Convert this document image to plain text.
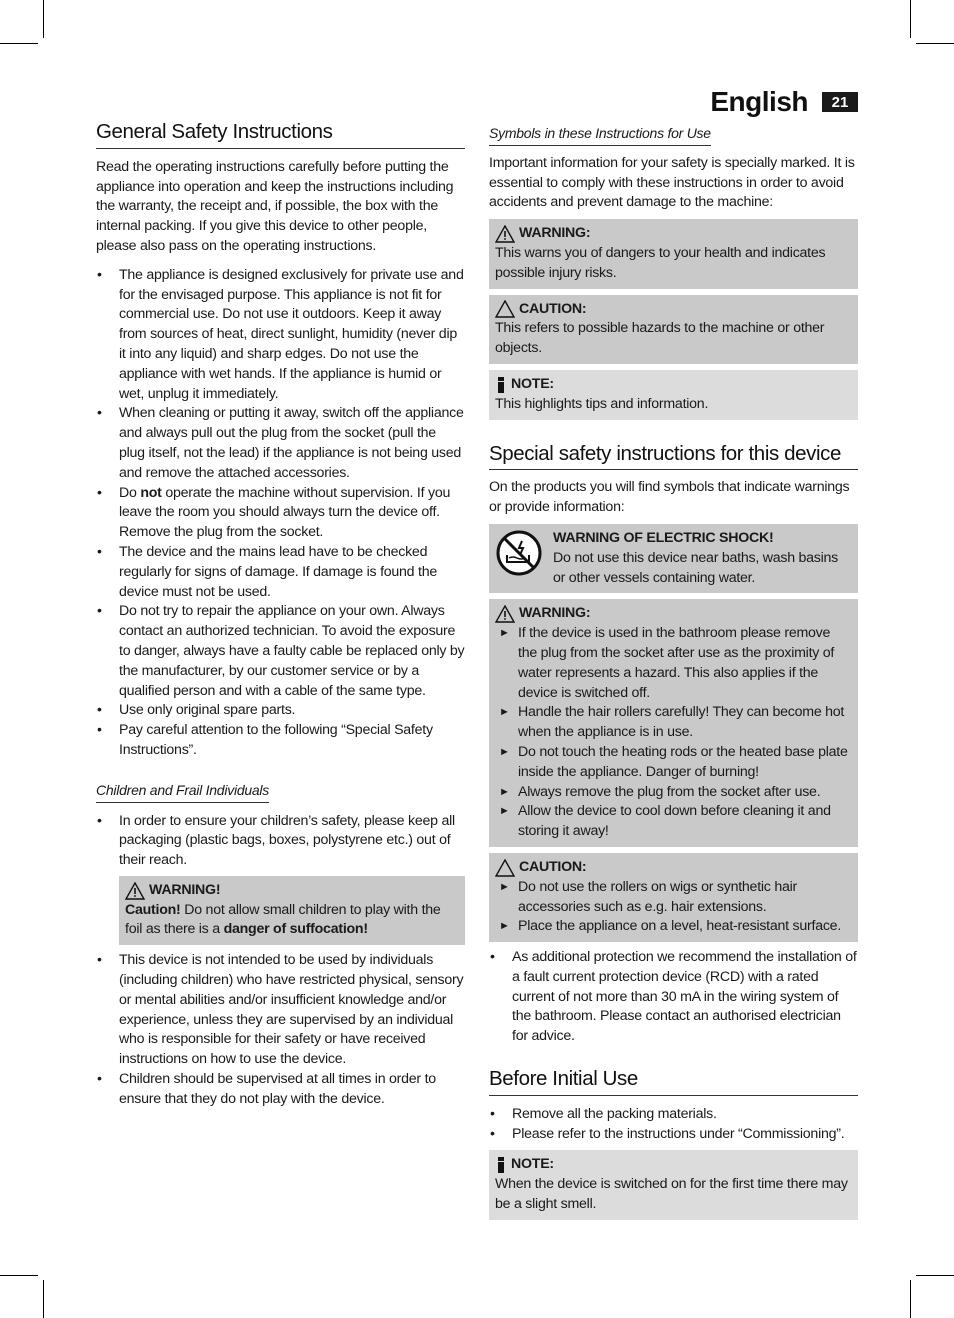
English	21
General Safety Instructions

Read the operating instructions carefully before putting the appliance into operation and keep the instructions including the warranty, the receipt and, if possible, the box with the internal packing. If you give this device to other people, please also pass on the operating instructions.

• The appliance is designed exclusively for private use and for the envisaged purpose. This appliance is not fit for commercial use. Do not use it outdoors. Keep it away from sources of heat, direct sunlight, humidity (never dip it into any liquid) and sharp edges. Do not use the appliance with wet hands. If the appliance is humid or wet, unplug it immediately.
• When cleaning or putting it away, switch off the appliance and always pull out the plug from the socket (pull the plug itself, not the lead) if the appliance is not being used and remove the attached accessories.
• Do not operate the machine without supervision. If you leave the room you should always turn the device off. Remove the plug from the socket.
• The device and the mains lead have to be checked regularly for signs of damage. If damage is found the device must not be used.
• Do not try to repair the appliance on your own. Always contact an authorized technician. To avoid the exposure to danger, always have a faulty cable be replaced only by the manufacturer, by our customer service or by a qualified person and with a cable of the same type.
• Use only original spare parts.
• Pay careful attention to the following “Special Safety Instructions”.
Children and Frail Individuals
• In order to ensure your children’s safety, please keep all packaging (plastic bags, boxes, polystyrene etc.) out of their reach.
WARNING!
Caution! Do not allow small children to play with the foil as there is a danger of suffocation!
• This device is not intended to be used by individuals (including children) who have restricted physical, sensory or mental abilities and/or insufficient knowledge and/or experience, unless they are supervised by an individual who is responsible for their safety or have received instructions on how to use the device.
• Children should be supervised at all times in order to ensure that they do not play with the device.
Symbols in these Instructions for Use

Important information for your safety is specially marked. It is essential to comply with these instructions in order to avoid accidents and prevent damage to the machine:

WARNING:
This warns you of dangers to your health and indicates possible injury risks.
CAUTION:
This refers to possible hazards to the machine or other objects.
NOTE:
This highlights tips and information.
Special safety instructions for this device

On the products you will find symbols that indicate warnings or provide information:

WARNING OF ELECTRIC SHOCK!
Do not use this device near baths, wash basins or other vessels containing water.
WARNING:
► If the device is used in the bathroom please remove the plug from the socket after use as the proximity of water represents a hazard. This also applies if the device is switched off.
► Handle the hair rollers carefully! They can become hot when the appliance is in use.
► Do not touch the heating rods or the heated base plate inside the appliance. Danger of burning!
► Always remove the plug from the socket after use.
► Allow the device to cool down before cleaning it and storing it away!
CAUTION:
► Do not use the rollers on wigs or synthetic hair accessories such as e.g. hair extensions.
► Place the appliance on a level, heat-resistant surface.
• As additional protection we recommend the installation of a fault current protection device (RCD) with a rated current of not more than 30 mA in the wiring system of the bathroom. Please contact an authorised electrician for advice.
Before Initial Use
• Remove all the packing materials.
• Please refer to the instructions under “Commissioning”.
NOTE:
When the device is switched on for the first time there may be a slight smell.
